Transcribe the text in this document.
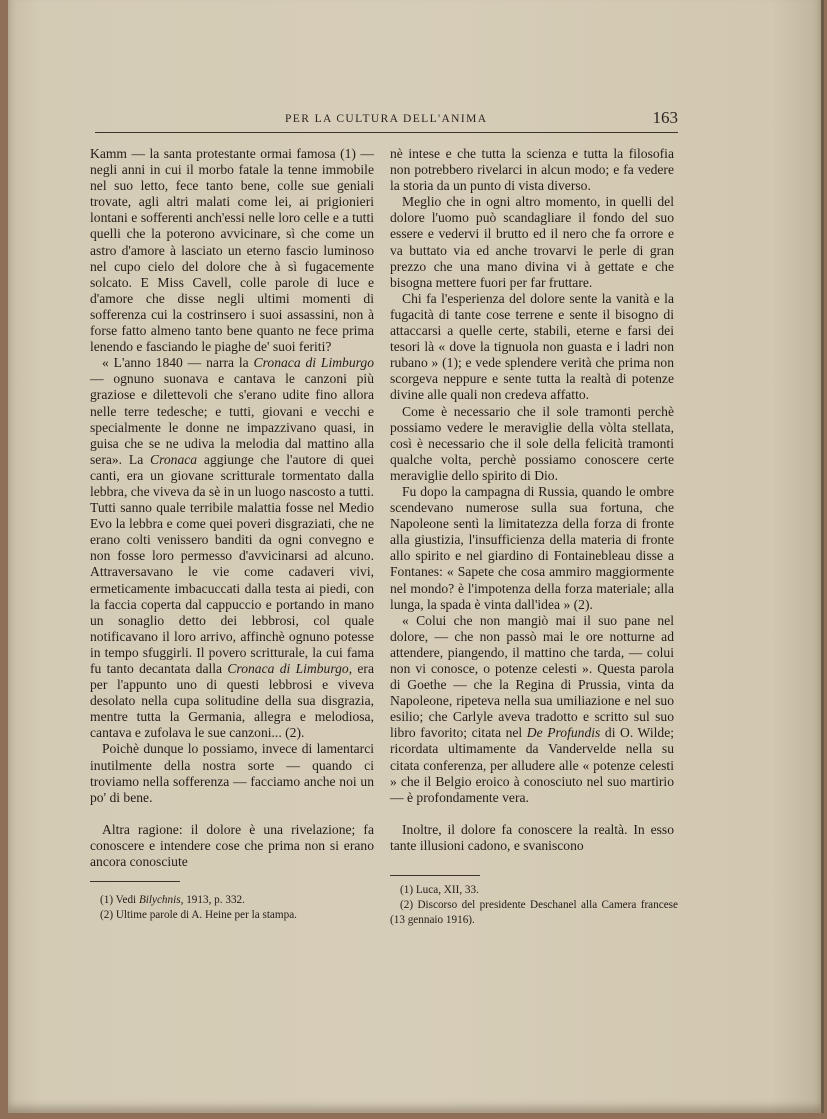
PER LA CULTURA DELL'ANIMA	163

Kamm — la santa protestante ormai famosa (1) — negli anni in cui il morbo fatale la tenne immobile nel suo letto, fece tanto bene, colle sue geniali trovate, agli altri malati come lei, ai prigionieri lontani e sofferenti anch'essi nelle loro celle e a tutti quelli che la poterono avvicinare, sì che come un astro d'amore à lasciato un eterno fascio luminoso nel cupo cielo del dolore che à sì fugacemente solcato. E Miss Cavell, colle parole di luce e d'amore che disse negli ultimi momenti di sofferenza cui la costrinsero i suoi assassini, non à forse fatto almeno tanto bene quanto ne fece prima lenendo e fasciando le piaghe de' suoi feriti?

« L'anno 1840 — narra la Cronaca di Limburgo — ognuno suonava e cantava le canzoni più graziose e dilettevoli che s'erano udite fino allora nelle terre tedesche; e tutti, giovani e vecchi e specialmente le donne ne impazzivano quasi, in guisa che se ne udiva la melodia dal mattino alla sera». La Cronaca aggiunge che l'autore di quei canti, era un giovane scritturale tormentato dalla lebbra, che viveva da sè in un luogo nascosto a tutti. Tutti sanno quale terribile malattia fosse nel Medio Evo la lebbra e come quei poveri disgraziati, che ne erano colti venissero banditi da ogni convegno e non fosse loro permesso d'avvicinarsi ad alcuno. Attraversavano le vie come cadaveri vivi, ermeticamente imbacuccati dalla testa ai piedi, con la faccia coperta dal cappuccio e portando in mano un sonaglio detto dei lebbrosi, col quale notificavano il loro arrivo, affinchè ognuno potesse in tempo sfuggirli. Il povero scritturale, la cui fama fu tanto decantata dalla Cronaca di Limburgo, era per l'appunto uno di questi lebbrosi e viveva desolato nella cupa solitudine della sua disgrazia, mentre tutta la Germania, allegra e melodiosa, cantava e zufolava le sue canzoni... (2).

Poichè dunque lo possiamo, invece di lamentarci inutilmente della nostra sorte — quando ci troviamo nella sofferenza — facciamo anche noi un po' di bene.

Altra ragione: il dolore è una rivelazione; fa conoscere e intendere cose che prima non si erano ancora conosciute

nè intese e che tutta la scienza e tutta la filosofia non potrebbero rivelarci in alcun modo; e fa vedere la storia da un punto di vista diverso.

Meglio che in ogni altro momento, in quelli del dolore l'uomo può scandagliare il fondo del suo essere e vedervi il brutto ed il nero che fa orrore e va buttato via ed anche trovarvi le perle di gran prezzo che una mano divina vi à gettate e che bisogna mettere fuori per far fruttare.

Chi fa l'esperienza del dolore sente la vanità e la fugacità di tante cose terrene e sente il bisogno di attaccarsi a quelle certe, stabili, eterne e farsi dei tesori là « dove la tignuola non guasta e i ladri non rubano » (1); e vede splendere verità che prima non scorgeva neppure e sente tutta la realtà di potenze divine alle quali non credeva affatto.

Come è necessario che il sole tramonti perchè possiamo vedere le meraviglie della vòlta stellata, così è necessario che il sole della felicità tramonti qualche volta, perchè possiamo conoscere certe meraviglie dello spirito di Dio.

Fu dopo la campagna di Russia, quando le ombre scendevano numerose sulla sua fortuna, che Napoleone sentì la limitatezza della forza di fronte alla giustizia, l'insufficienza della materia di fronte allo spirito e nel giardino di Fontainebleau disse a Fontanes: « Sapete che cosa ammiro maggiormente nel mondo? è l'impotenza della forza materiale; alla lunga, la spada è vinta dall'idea » (2).

« Colui che non mangiò mai il suo pane nel dolore, — che non passò mai le ore notturne ad attendere, piangendo, il mattino che tarda, — colui non vi conosce, o potenze celesti ». Questa parola di Goethe — che la Regina di Prussia, vinta da Napoleone, ripeteva nella sua umiliazione e nel suo esilio; che Carlyle aveva tradotto e scritto sul suo libro favorito; citata nel De Profundis di O. Wilde; ricordata ultimamente da Vandervelde nella su citata conferenza, per alludere alle « potenze celesti » che il Belgio eroico à conosciuto nel suo martirio — è profondamente vera.

Inoltre, il dolore fa conoscere la realtà. In esso tante illusioni cadono, e svaniscono

(1) Vedi Bilychnis, 1913, p. 332.
(2) Ultime parole di A. Heine per la stampa.
(1) Luca, XII, 33.
(2) Discorso del presidente Deschanel alla Camera francese (13 gennaio 1916).
